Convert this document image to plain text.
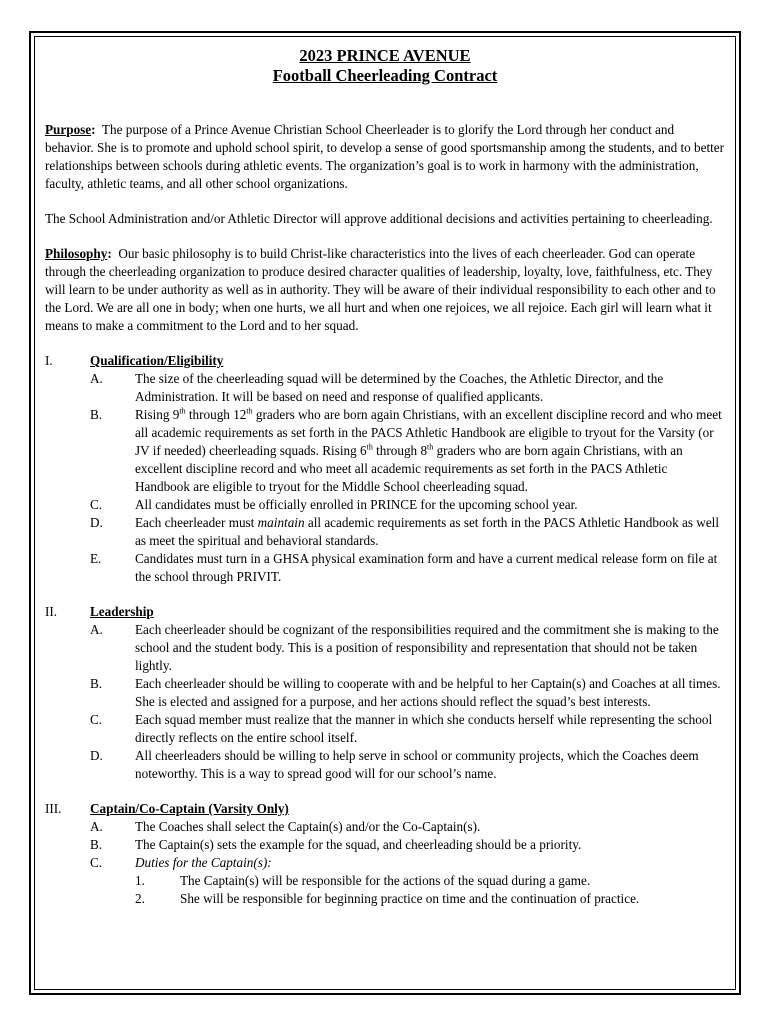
2023 PRINCE AVENUE
Football Cheerleading Contract

Purpose: The purpose of a Prince Avenue Christian School Cheerleader is to glorify the Lord through her conduct and behavior. She is to promote and uphold school spirit, to develop a sense of good sportsmanship among the students, and to better relationships between schools during athletic events. The organization’s goal is to work in harmony with the administration, faculty, athletic teams, and all other school organizations.

The School Administration and/or Athletic Director will approve additional decisions and activities pertaining to cheerleading.

Philosophy: Our basic philosophy is to build Christ-like characteristics into the lives of each cheerleader. God can operate through the cheerleading organization to produce desired character qualities of leadership, loyalty, love, faithfulness, etc. They will learn to be under authority as well as in authority. They will be aware of their individual responsibility to each other and to the Lord. We are all one in body; when one hurts, we all hurt and when one rejoices, we all rejoice. Each girl will learn what it means to make a commitment to the Lord and to her squad.

I.	Qualification/Eligibility
A. The size of the cheerleading squad will be determined by the Coaches, the Athletic Director, and the Administration. It will be based on need and response of qualified applicants.
B. Rising 9th through 12th graders who are born again Christians, with an excellent discipline record and who meet all academic requirements as set forth in the PACS Athletic Handbook are eligible to tryout for the Varsity (or JV if needed) cheerleading squads. Rising 6th through 8th graders who are born again Christians, with an excellent discipline record and who meet all academic requirements as set forth in the PACS Athletic Handbook are eligible to tryout for the Middle School cheerleading squad.
C. All candidates must be officially enrolled in PRINCE for the upcoming school year.
D. Each cheerleader must maintain all academic requirements as set forth in the PACS Athletic Handbook as well as meet the spiritual and behavioral standards.
E.	Candidates must turn in a GHSA physical examination form and have a current medical release form on file at the school through PRIVIT.
II.	Leadership
A. Each cheerleader should be cognizant of the responsibilities required and the commitment she is making to the school and the student body. This is a position of responsibility and representation that should not be taken lightly.
B. Each cheerleader should be willing to cooperate with and be helpful to her Captain(s) and Coaches at all times. She is elected and assigned for a purpose, and her actions should reflect the squad’s best interests.
C. Each squad member must realize that the manner in which she conducts herself while representing the school directly reflects on the entire school itself.
D. All cheerleaders should be willing to help serve in school or community projects, which the Coaches deem noteworthy. This is a way to spread good will for our school’s name.
III.	Captain/Co-Captain (Varsity Only)
A. The Coaches shall select the Captain(s) and/or the Co-Captain(s).
B. The Captain(s) sets the example for the squad, and cheerleading should be a priority.
C. Duties for the Captain(s):
1.	The Captain(s) will be responsible for the actions of the squad during a game.
2.	She will be responsible for beginning practice on time and the continuation of practice.
